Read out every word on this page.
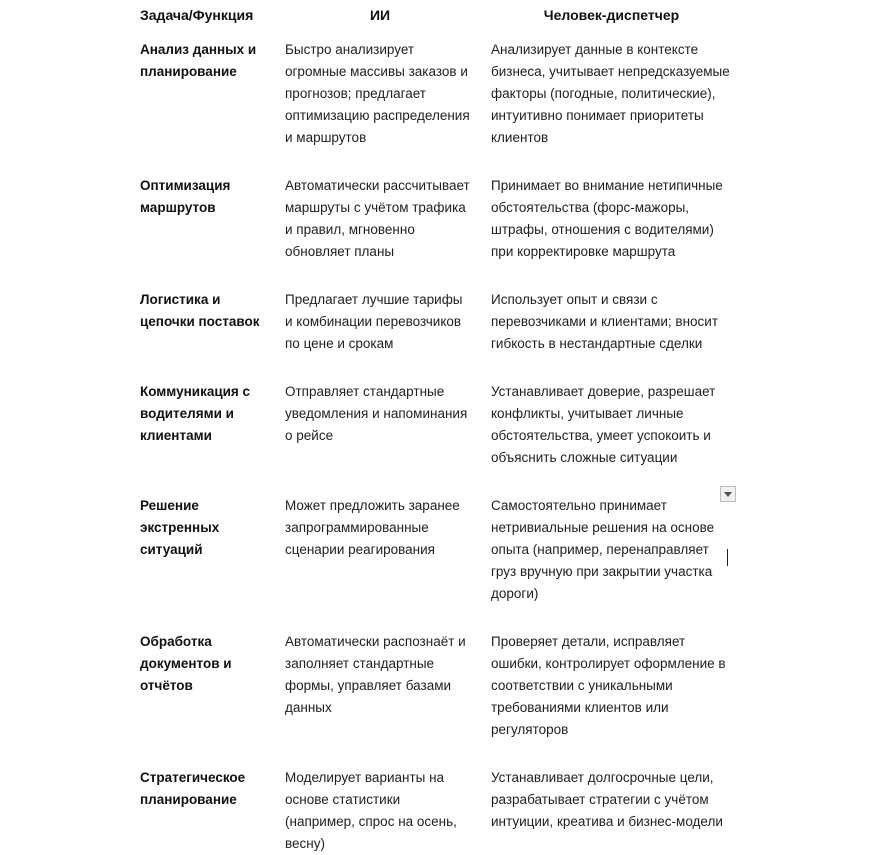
Задача/Функция	ИИ	Человек-диспетчер
Анализ данных и планирование	Быстро анализирует огромные массивы заказов и прогнозов; предлагает оптимизацию распределения и маршрутов	Анализирует данные в контексте бизнеса, учитывает непредсказуемые факторы (погодные, политические), интуитивно понимает приоритеты клиентов
Оптимизация маршрутов	Автоматически рассчитывает маршруты с учётом трафика и правил, мгновенно обновляет планы	Принимает во внимание нетипичные обстоятельства (форс-мажоры, штрафы, отношения с водителями) при корректировке маршрута
Логистика и цепочки поставок	Предлагает лучшие тарифы и комбинации перевозчиков по цене и срокам	Использует опыт и связи с перевозчиками и клиентами; вносит гибкость в нестандартные сделки
Коммуникация с водителями и клиентами	Отправляет стандартные уведомления и напоминания о рейсе	Устанавливает доверие, разрешает конфликты, учитывает личные обстоятельства, умеет успокоить и объяснить сложные ситуации
Решение экстренных ситуаций	Может предложить заранее запрограммированные сценарии реагирования	Самостоятельно принимает нетривиальные решения на основе опыта (например, перенаправляет груз вручную при закрытии участка дороги)
Обработка документов и отчётов	Автоматически распознаёт и заполняет стандартные формы, управляет базами данных	Проверяет детали, исправляет ошибки, контролирует оформление в соответствии с уникальными требованиями клиентов или регуляторов
Стратегическое планирование	Моделирует варианты на основе статистики (например, спрос на осень, весну)	Устанавливает долгосрочные цели, разрабатывает стратегии с учётом интуиции, креатива и бизнес-модели
